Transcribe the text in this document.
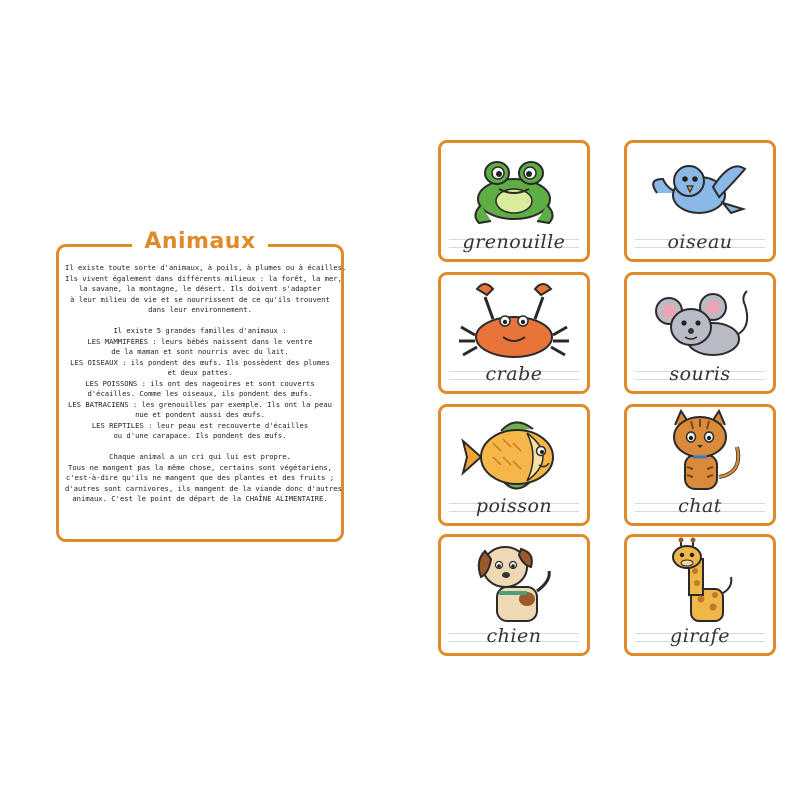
Animaux

Il existe toute sorte d'animaux, à poils, à plumes ou à écailles.

Ils vivent également dans différents milieux : la forêt, la mer,

la savane, la montagne, le désert. Ils doivent s'adapter

à leur milieu de vie et se nourrissent de ce qu'ils trouvent

dans leur environnement.

Il existe 5 grandes familles d'animaux :

LES MAMMIFÈRES : leurs bébés naissent dans le ventre

de la maman et sont nourris avec du lait.

LES OISEAUX : ils pondent des œufs. Ils possèdent des plumes

et deux pattes.

LES POISSONS : ils ont des nageoires et sont couverts

d'écailles. Comme les oiseaux, ils pondent des œufs.

LES BATRACIENS : les grenouilles par exemple. Ils ont la peau

nue et pondent aussi des œufs.

LES REPTILES : leur peau est recouverte d'écailles

ou d'une carapace. Ils pondent des œufs.

Chaque animal a un cri qui lui est propre.

Tous ne mangent pas la même chose, certains sont végétariens,

c'est-à-dire qu'ils ne mangent que des plantes et des fruits ;

d'autres sont carnivores, ils mangent de la viande donc d'autres

animaux. C'est le point de départ de la CHAÎNE ALIMENTAIRE.

grenouille	oiseau
crabe	souris
poisson	chat
chien	girafe
